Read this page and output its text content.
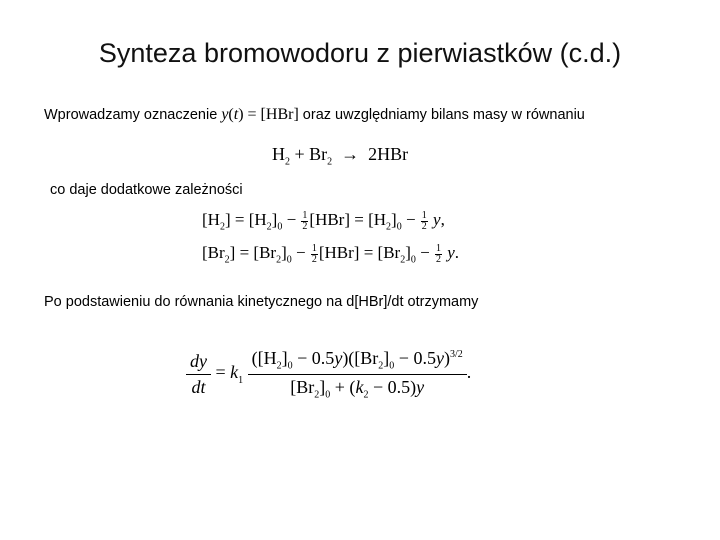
Synteza bromowodoru z pierwiastków (c.d.)
Wprowadzamy oznaczenie y(t) = [HBr] oraz uwzględniamy bilans masy w równaniu
$H_2 + Br_2 \to 2HBr$
co daje dodatkowe zależności
$[H_2] = [H_2]_0 - \frac{1}{2} [HBr] = [H_2]_0 - \frac{1}{2} y$,
$[Br_2] = [Br_2]_0 - \frac{1}{2} [HBr] = [Br_2]_0 - \frac{1}{2} y$.
Po podstawieniu do równania kinetycznego na d[HBr]/dt otrzymamy
$\frac{dy}{dt} = k_1 \frac{([H_2]_0 - 0.5y)([Br_2]_0 - 0.5y)^{3/2}}{[Br_2]_0 + (k_2 - 0.5)y}$ .
